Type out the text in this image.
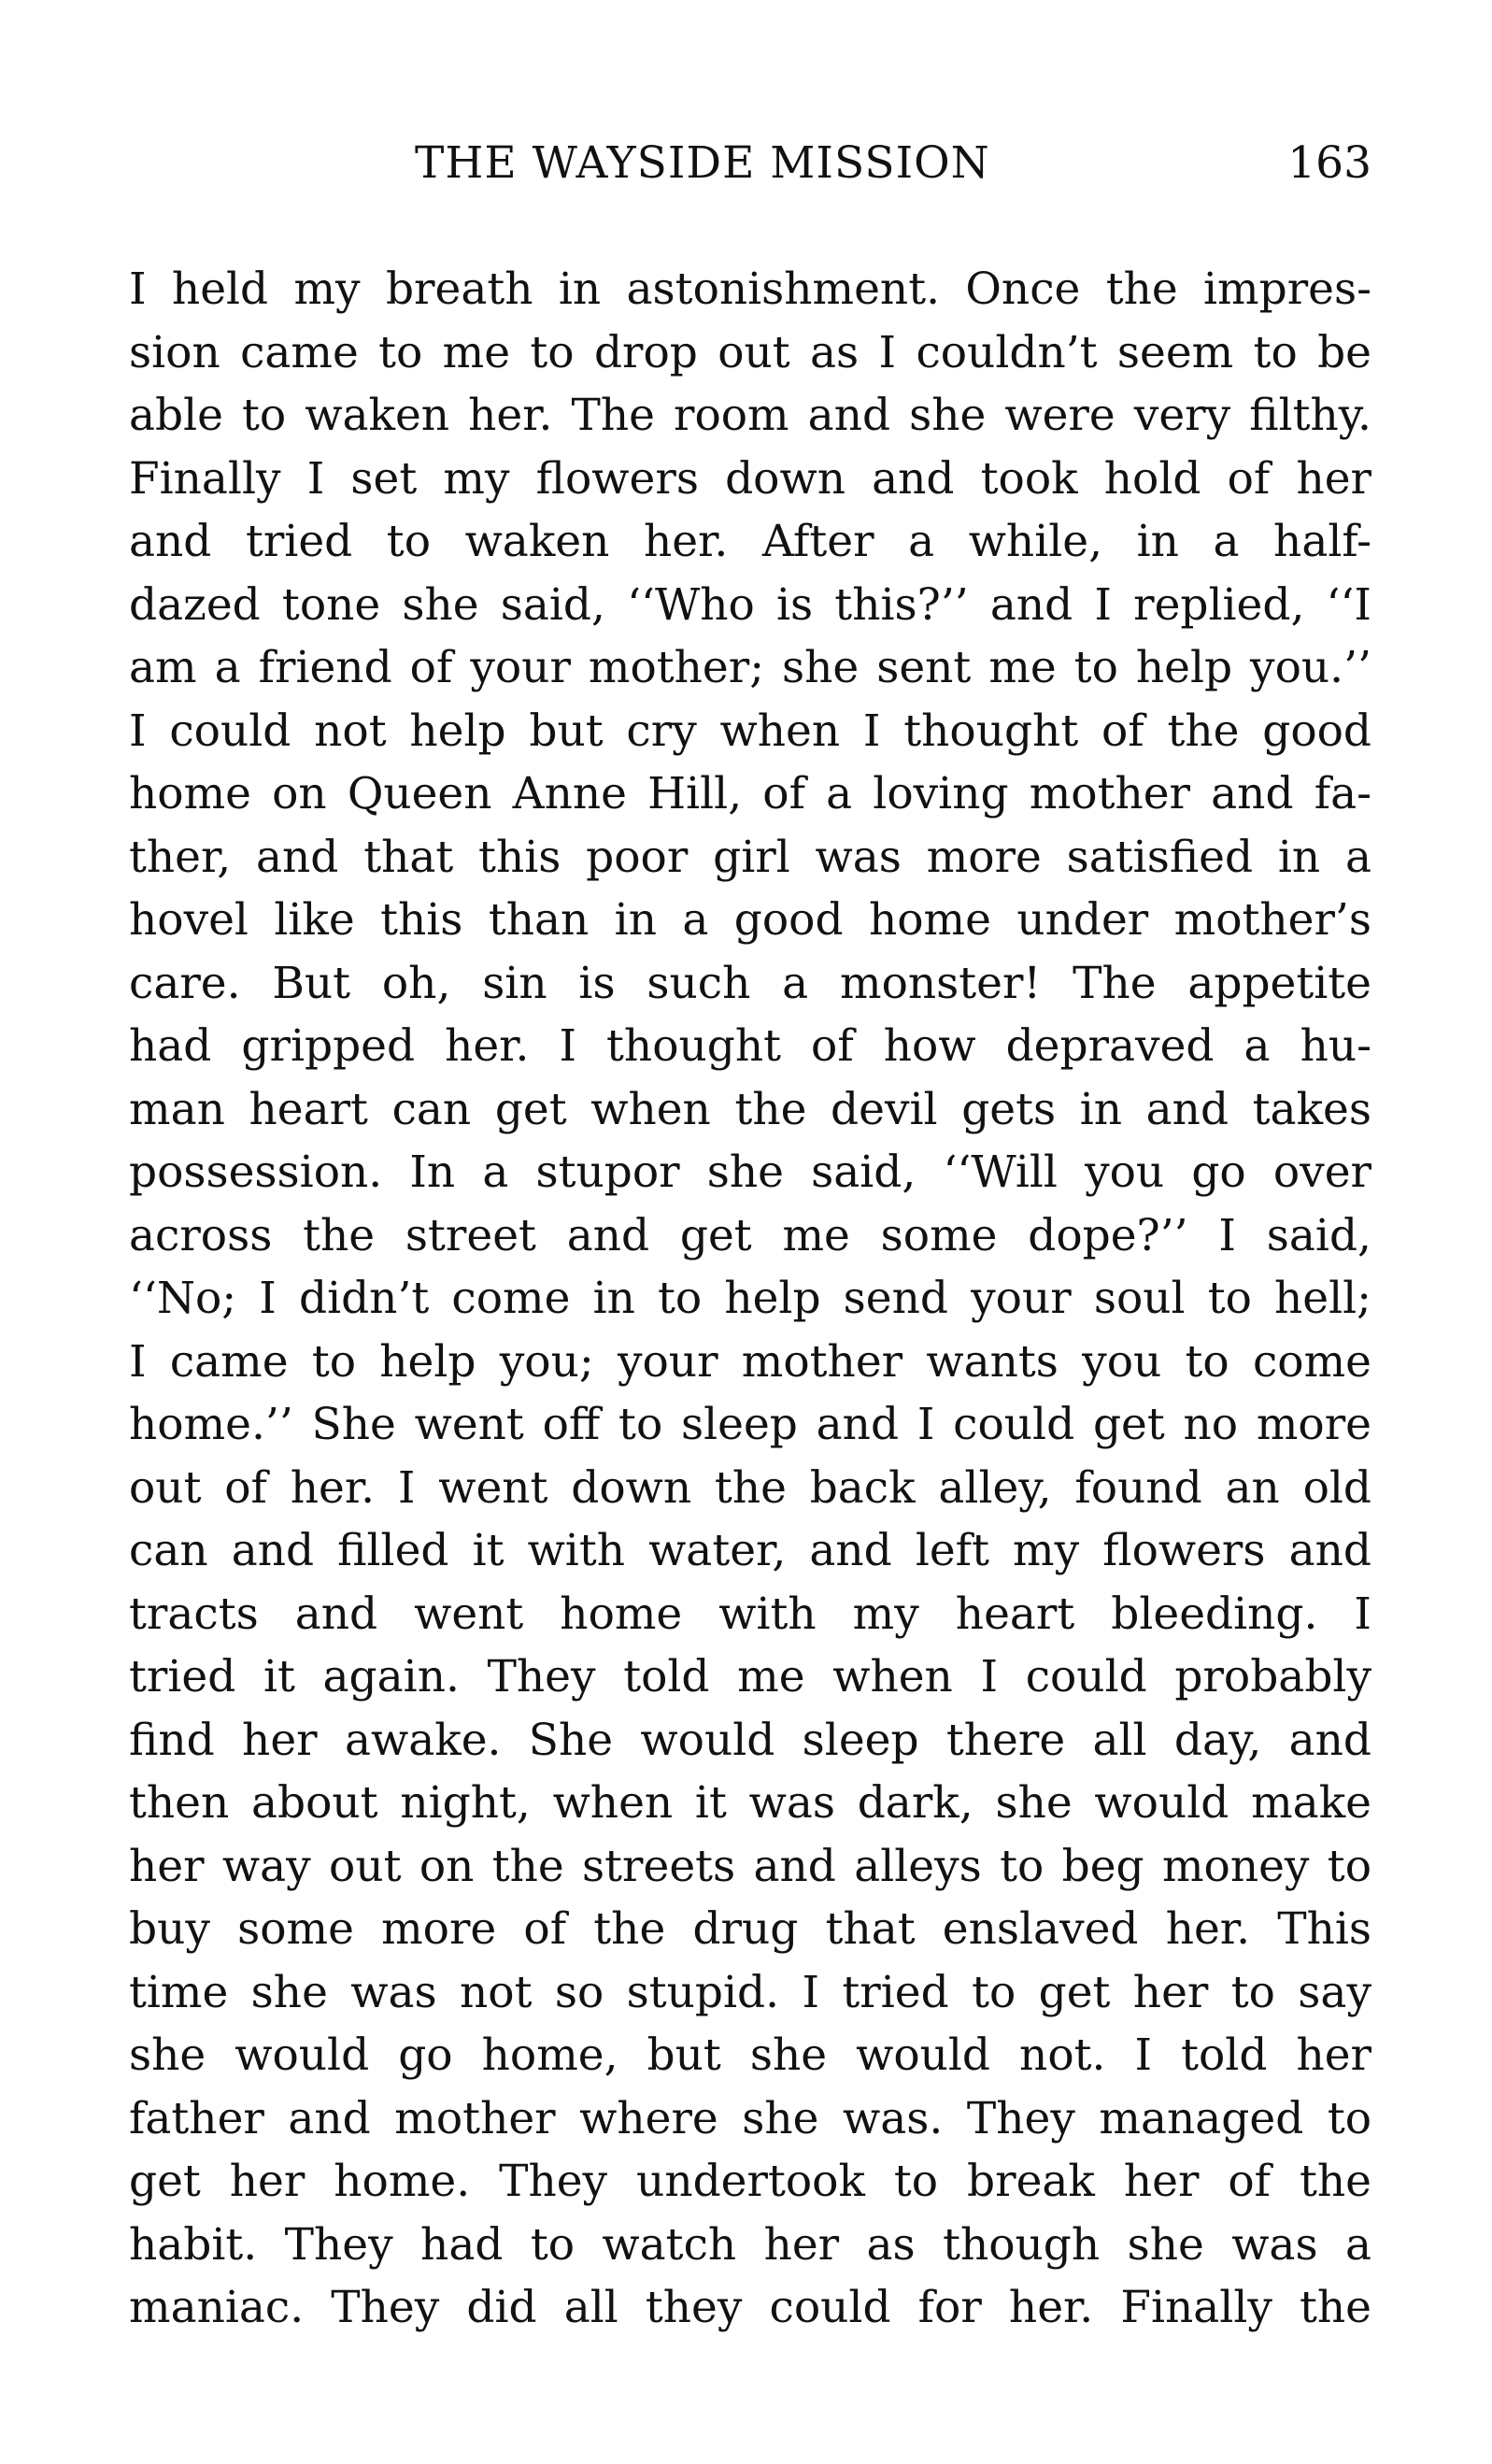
THE WAYSIDE MISSION	163
I held my breath in astonishment. Once the impres-
sion came to me to drop out as I couldn’t seem to be
able to waken her. The room and she were very filthy.
Finally I set my flowers down and took hold of her
and tried to waken her. After a while, in a half-
dazed tone she said, ‘‘Who is this?’’ and I replied, ‘‘I
am a friend of your mother; she sent me to help you.’’
I could not help but cry when I thought of the good
home on Queen Anne Hill, of a loving mother and fa-
ther, and that this poor girl was more satisfied in a
hovel like this than in a good home under mother’s
care. But oh, sin is such a monster! The appetite
had gripped her. I thought of how depraved a hu-
man heart can get when the devil gets in and takes
possession. In a stupor she said, ‘‘Will you go over
across the street and get me some dope?’’ I said,
‘‘No; I didn’t come in to help send your soul to hell;
I came to help you; your mother wants you to come
home.’’ She went off to sleep and I could get no more
out of her. I went down the back alley, found an old
can and filled it with water, and left my flowers and
tracts and went home with my heart bleeding. I
tried it again. They told me when I could probably
find her awake. She would sleep there all day, and
then about night, when it was dark, she would make
her way out on the streets and alleys to beg money to
buy some more of the drug that enslaved her. This
time she was not so stupid. I tried to get her to say
she would go home, but she would not. I told her
father and mother where she was. They managed to
get her home. They undertook to break her of the
habit. They had to watch her as though she was a
maniac. They did all they could for her. Finally the
